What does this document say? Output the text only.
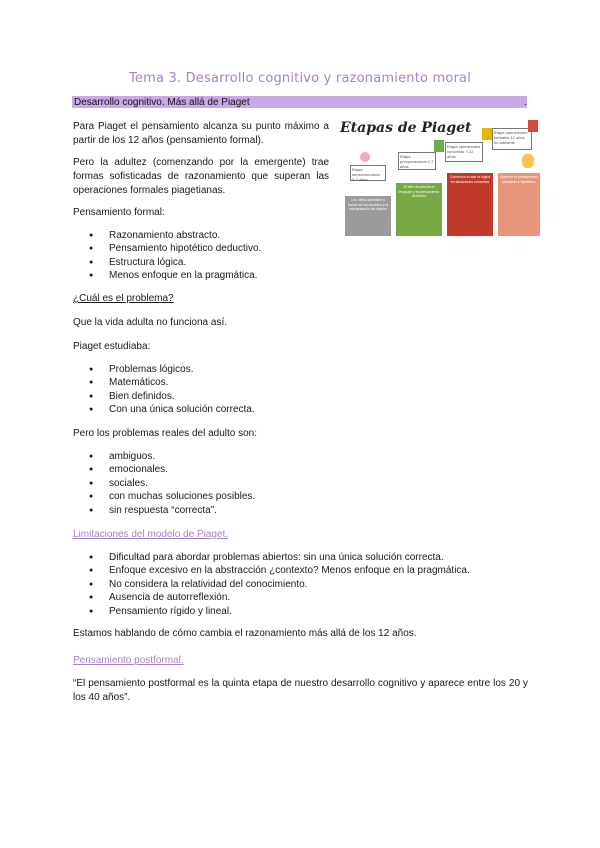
Tema 3. Desarrollo cognitivo y razonamiento moral
Desarrollo cognitivo. Más allá de Piaget	.
Para Piaget el pensamiento alcanza su punto máximo a partir de los 12 años (pensamiento formal).
Pero la adultez (comenzando por la emergente) trae formas sofisticadas de razonamiento que superan las operaciones formales piagetianas.
Etapas de Piaget
Etapa sensoriomotora 0-2 años
Etapa preoperacional 2-7 años
Etapa operaciones concretas 7-12 años
Etapa operaciones formales 12 años en adelante
Los niños aprenden a través de los sentidos y la manipulación de objetos
El niño desarrolla el lenguaje y el pensamiento simbólico
Comienza a usar la lógica en situaciones concretas
Aparece el pensamiento abstracto e hipotético
Pensamiento formal:
● Razonamiento abstracto.
● Pensamiento hipotético deductivo.
● Estructura lógica.
● Menos enfoque en la pragmática.
¿Cuál es el problema?
Que la vida adulta no funciona así.
Piaget estudiaba:
● Problemas lógicos.
● Matemáticos.
● Bien definidos.
● Con una única solución correcta.
Pero los problemas reales del adulto son:
● ambiguos.
● emocionales.
● sociales.
● con muchas soluciones posibles.
● sin respuesta “correcta”.
Limitaciones del modelo de Piaget.
● Dificultad para abordar problemas abiertos: sin una única solución correcta.
● Enfoque excesivo en la abstracción ¿contexto? Menos enfoque en la pragmática.
● No considera la relatividad del conocimiento.
● Ausencia de autorreflexión.
● Pensamiento rígido y lineal.
Estamos hablando de cómo cambia el razonamiento más allá de los 12 años.
Pensamiento postformal.
“El pensamiento postformal es la quinta etapa de nuestro desarrollo cognitivo y aparece entre los 20 y los 40 años”.
